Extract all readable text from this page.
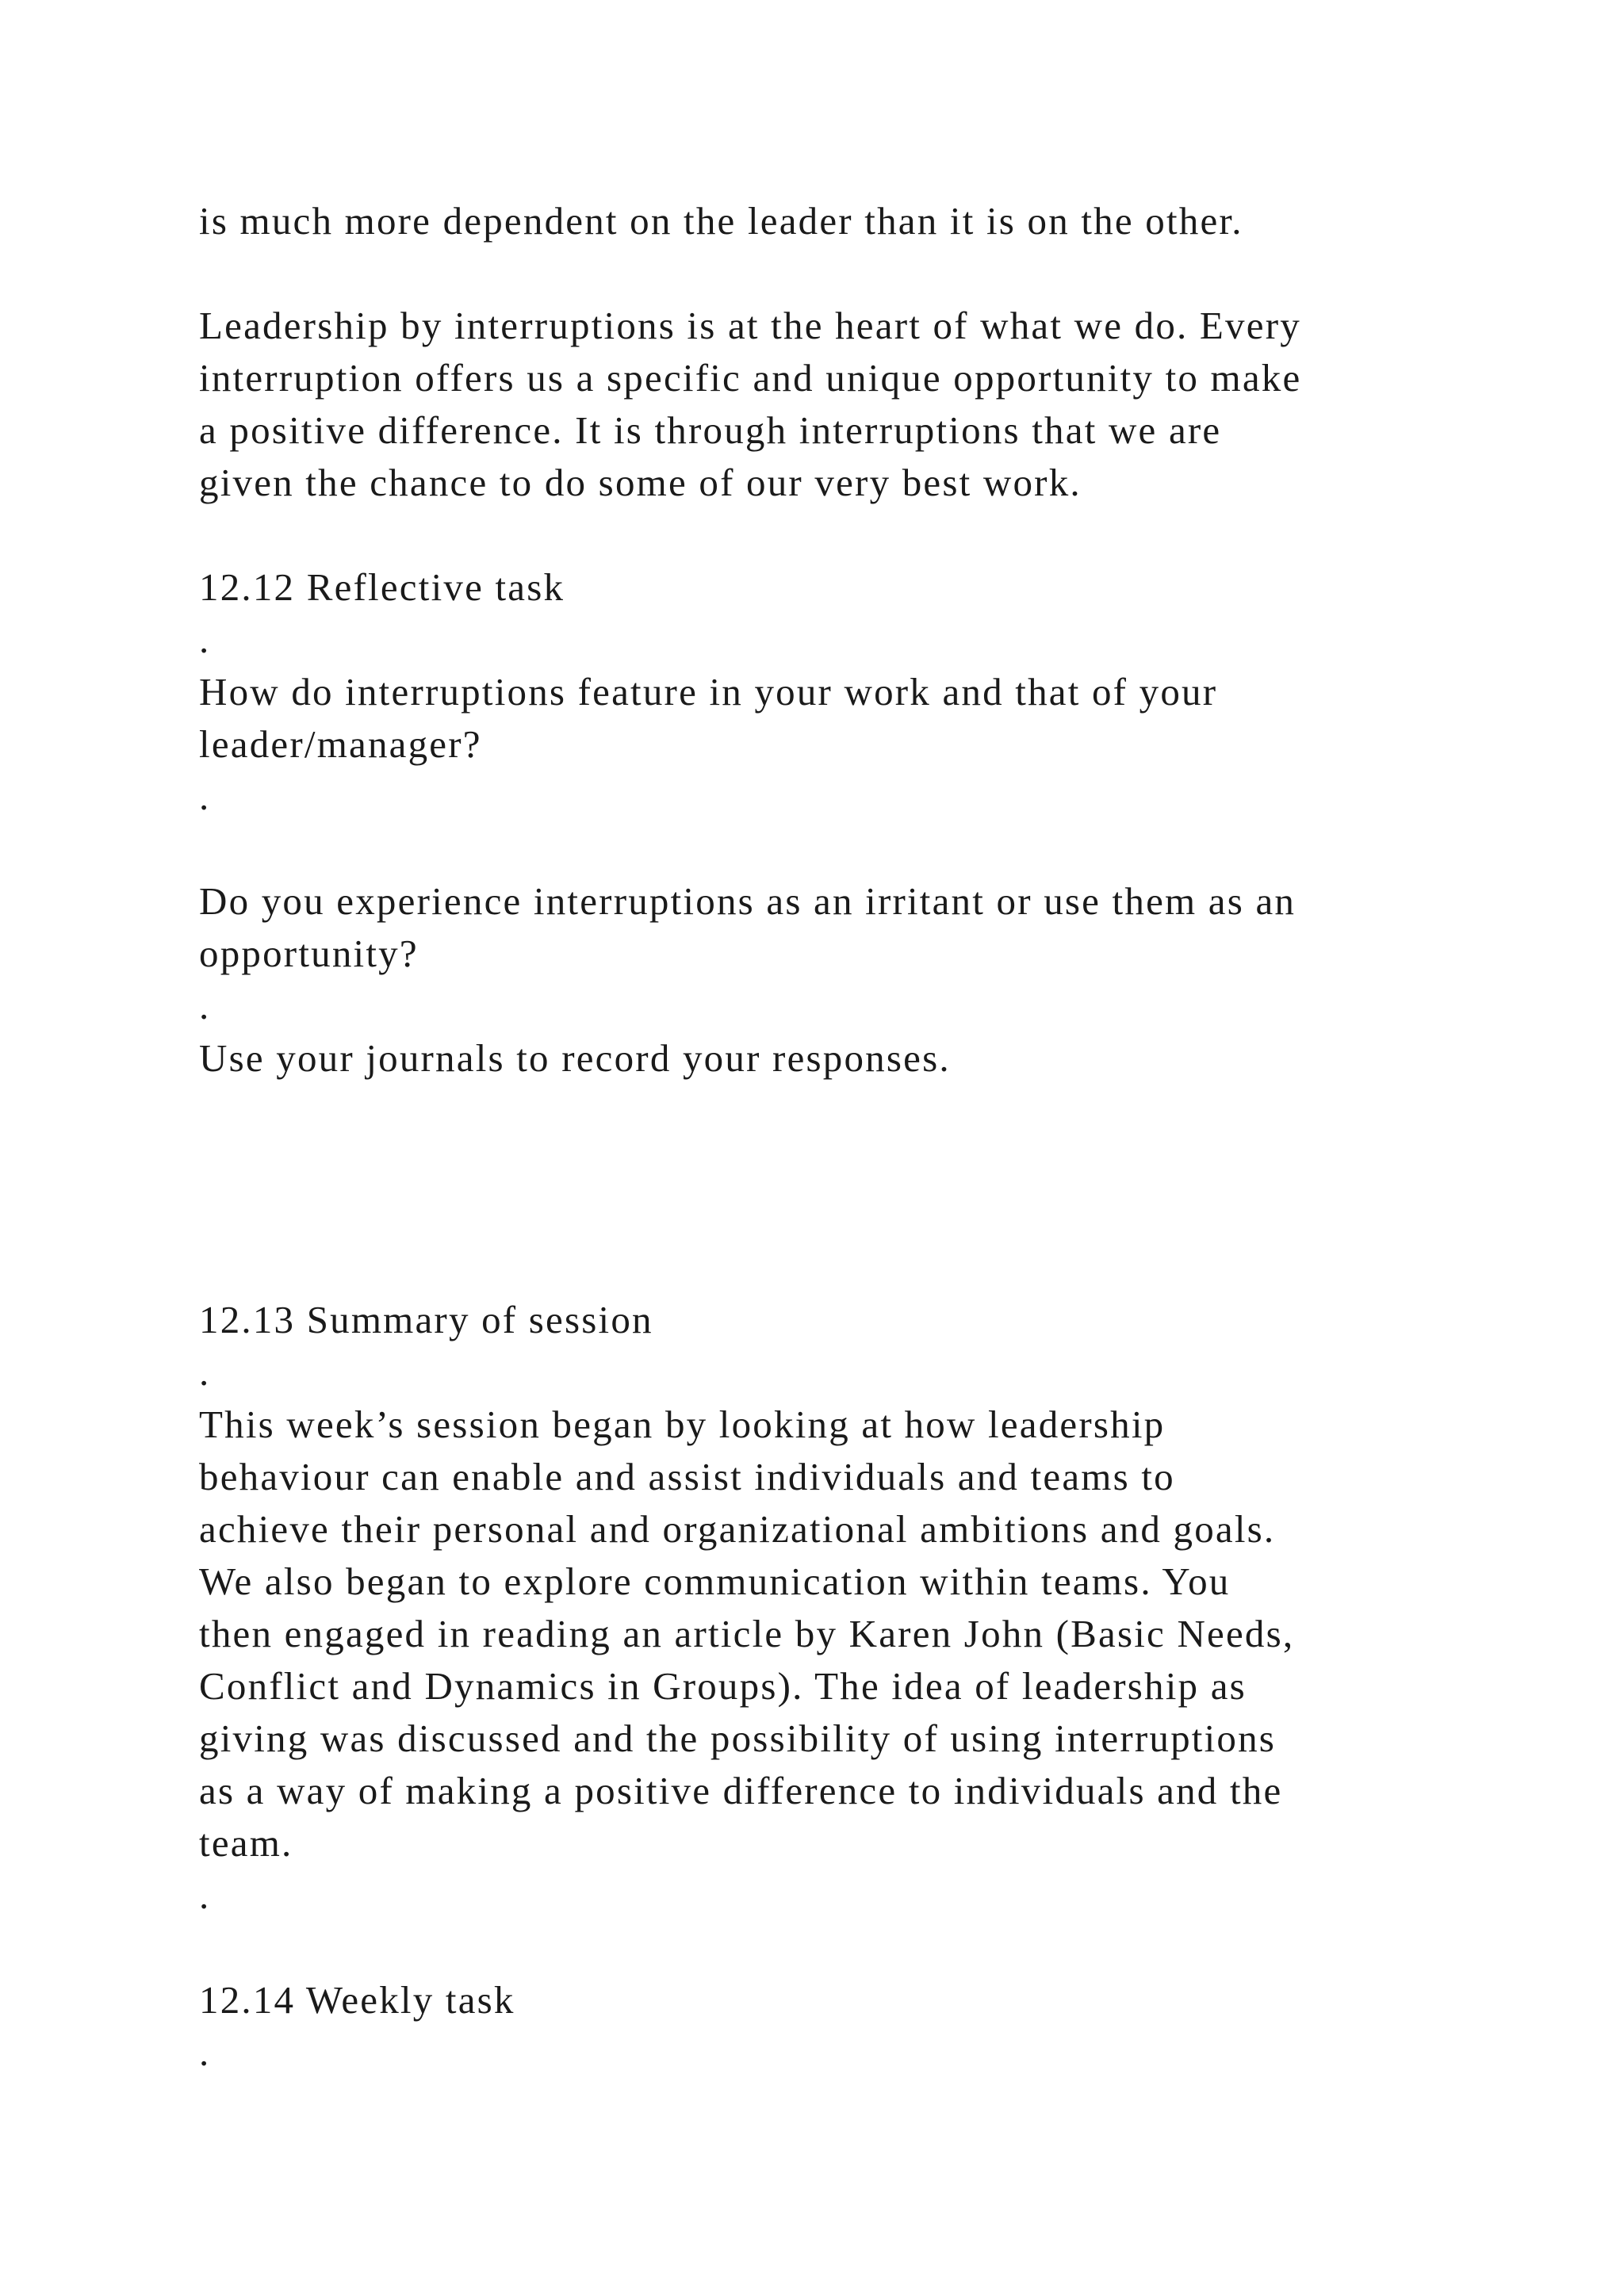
is much more dependent on the leader than it is on the other.

Leadership by interruptions is at the heart of what we do. Every

interruption offers us a specific and unique opportunity to make

a positive difference. It is through interruptions that we are

given the chance to do some of our very best work.

12.12 Reflective task

.

How do interruptions feature in your work and that of your

leader/manager?

.

Do you experience interruptions as an irritant or use them as an

opportunity?

.

Use your journals to record your responses.

12.13 Summary of session

.

This week’s session began by looking at how leadership

behaviour can enable and assist individuals and teams to

achieve their personal and organizational ambitions and goals.

We also began to explore communication within teams. You

then engaged in reading an article by Karen John (Basic Needs,

Conflict and Dynamics in Groups). The idea of leadership as

giving was discussed and the possibility of using interruptions

as a way of making a positive difference to individuals and the

team.

.

12.14 Weekly task

.
